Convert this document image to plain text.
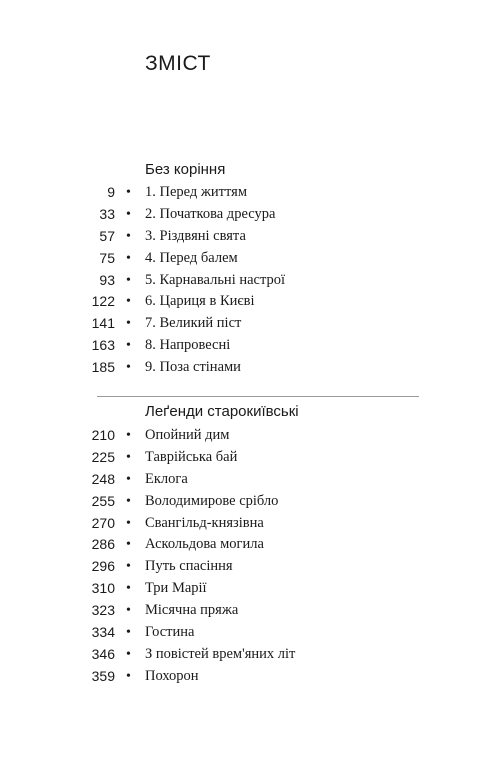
ЗМІСТ
Без коріння
9 • 1. Перед життям
33 • 2. Початкова дресура
57 • 3. Різдвяні свята
75 • 4. Перед балем
93 • 5. Карнавальні настрої
122 • 6. Цариця в Києві
141 • 7. Великий піст
163 • 8. Напровесні
185 • 9. Поза стінами
Леґенди старокиївські
210 • Опойний дим
225 • Таврійська бай
248 • Еклога
255 • Володимирове срібло
270 • Свангільд-князівна
286 • Аскольдова могила
296 • Путь спасіння
310 • Три Марії
323 • Місячна пряжа
334 • Гостина
346 • З повістей врем'яних літ
359 • Похорон
